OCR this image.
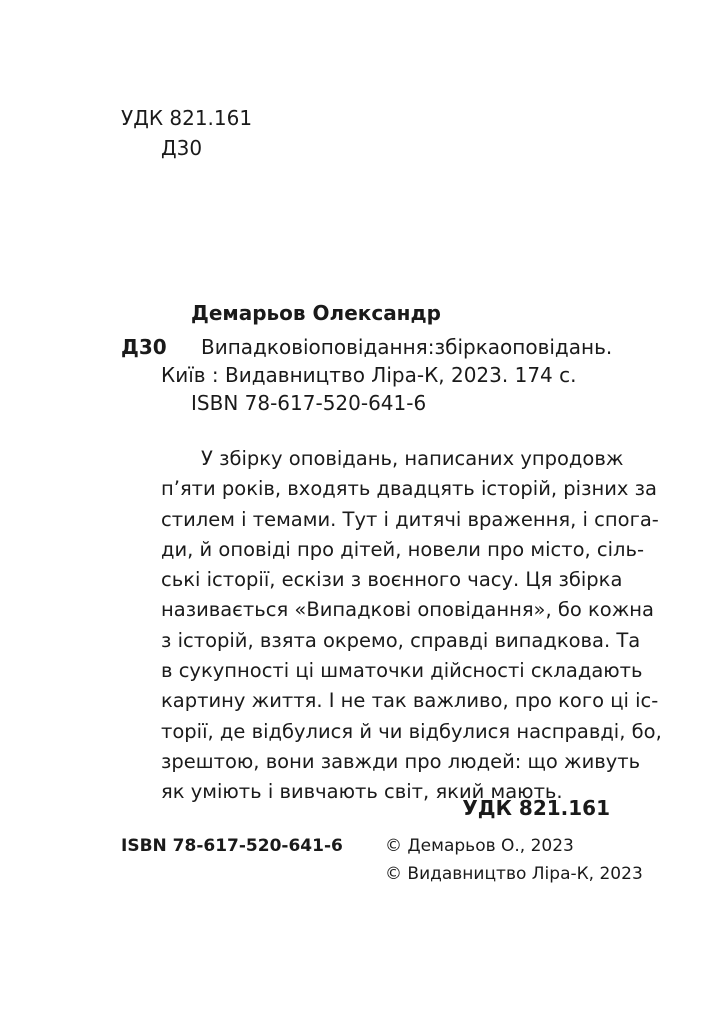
УДК 821.161
Д30
Демарьов Олександр
Д30 Випадкові оповідання : збірка оповідань.
Київ : Видавництво Ліра-К, 2023. 174 с.
ISBN 78-617-520-641-6
У збірку оповідань, написаних упродовж
п’яти років, входять двадцять історій, різних за
стилем і темами. Тут і дитячі враження, і спога-
ди, й оповіді про дітей, новели про місто, сіль-
ські історії, ескізи з воєнного часу. Ця збірка
називається «Випадкові оповідання», бо кожна
з історій, взята окремо, справді випадкова. Та
в сукупності ці шматочки дійсності складають
картину життя. І не так важливо, про кого ці іс-
торії, де відбулися й чи відбулися насправді, бо,
зрештою, вони завжди про людей: що живуть
як уміють і вивчають світ, який мають.
УДК 821.161
ISBN 78-617-520-641-6 © Демарьов О., 2023
© Видавництво Ліра-К, 2023
